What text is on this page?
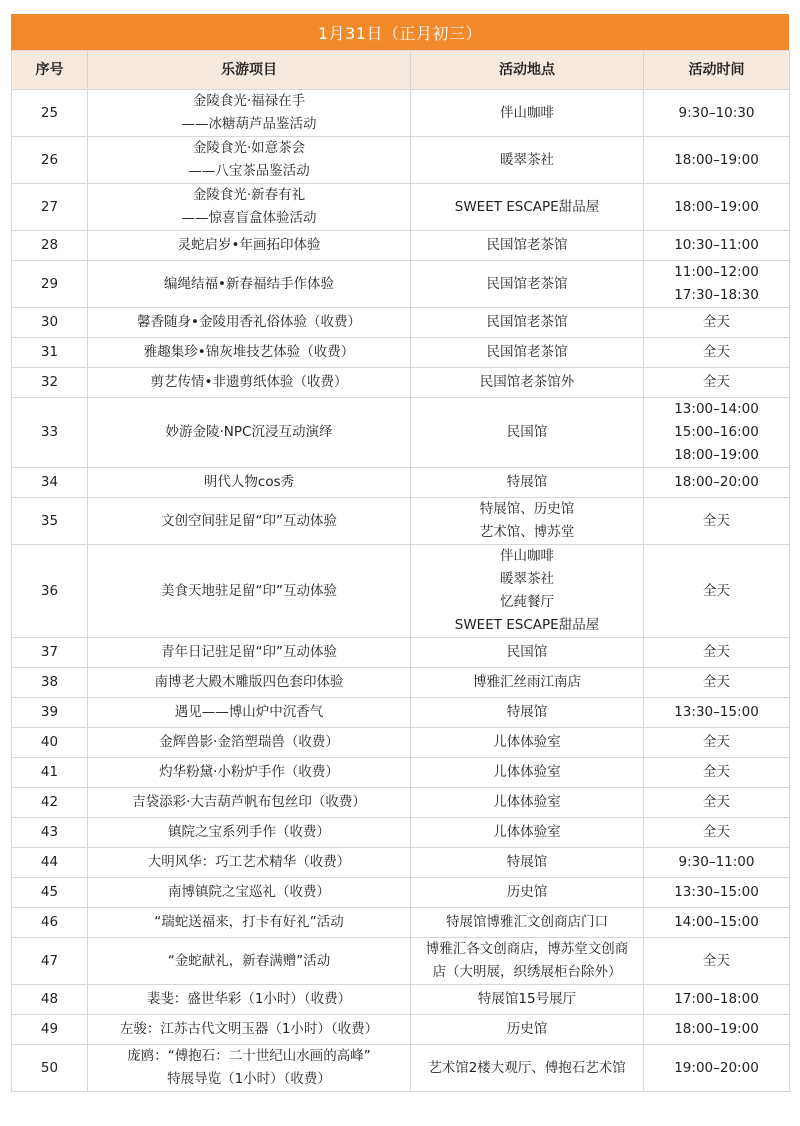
1月31日（正月初三）
序号	乐游项目	活动地点	活动时间
25	金陵食光·福禄在手
——冰糖葫芦品鉴活动	伴山咖啡	9:30–10:30

26	金陵食光·如意茶会
——八宝茶品鉴活动	暖翠茶社	18:00–19:00

27	金陵食光·新春有礼
——惊喜盲盒体验活动	SWEET ESCAPE甜品屋	18:00–19:00

28	灵蛇启岁•年画拓印体验	民国馆老茶馆	10:30–11:00

29	编绳结福•新春福结手作体验	民国馆老茶馆	11:00–12:00
17:30–18:30

30	馨香随身•金陵用香礼俗体验（收费）	民国馆老茶馆	全天

31	雅趣集珍•锦灰堆技艺体验（收费）	民国馆老茶馆	全天

32	剪艺传情•非遗剪纸体验（收费）	民国馆老茶馆外	全天

33	妙游金陵·NPC沉浸互动演绎	民国馆	13:00–14:00
15:00–16:00
18:00–19:00

34	明代人物cos秀	特展馆	18:00–20:00

35	文创空间驻足留“印”互动体验	特展馆、历史馆
艺术馆、博苏堂	全天

36	美食天地驻足留“印”互动体验	伴山咖啡
暖翠茶社
忆莼餐厅
SWEET ESCAPE甜品屋	全天

37	青年日记驻足留“印”互动体验	民国馆	全天

38	南博老大殿木雕版四色套印体验	博雅汇丝雨江南店	全天

39	遇见——博山炉中沉香气	特展馆	13:30–15:00

40	金辉兽影·金箔塑瑞兽（收费）	儿体体验室	全天

41	灼华粉黛·小粉炉手作（收费）	儿体体验室	全天

42	吉袋添彩·大吉葫芦帆布包丝印（收费）	儿体体验室	全天

43	镇院之宝系列手作（收费）	儿体体验室	全天

44	大明风华：巧工艺术精华（收费）	特展馆	9:30–11:00

45	南博镇院之宝巡礼（收费）	历史馆	13:30–15:00

46	“瑞蛇送福来，打卡有好礼”活动	特展馆博雅汇文创商店门口	14:00–15:00

47	“金蛇献礼，新春满赠”活动	博雅汇各文创商店，博苏堂文创商
店（大明展，织绣展柜台除外）	全天

48	裴斐：盛世华彩（1小时）（收费）	特展馆15号展厅	17:00–18:00

49	左骏：江苏古代文明玉器（1小时）（收费）	历史馆	18:00–19:00

50	庞鸥：“傅抱石：二十世纪山水画的高峰”
特展导览（1小时）（收费）	艺术馆2楼大观厅、傅抱石艺术馆	19:00–20:00
